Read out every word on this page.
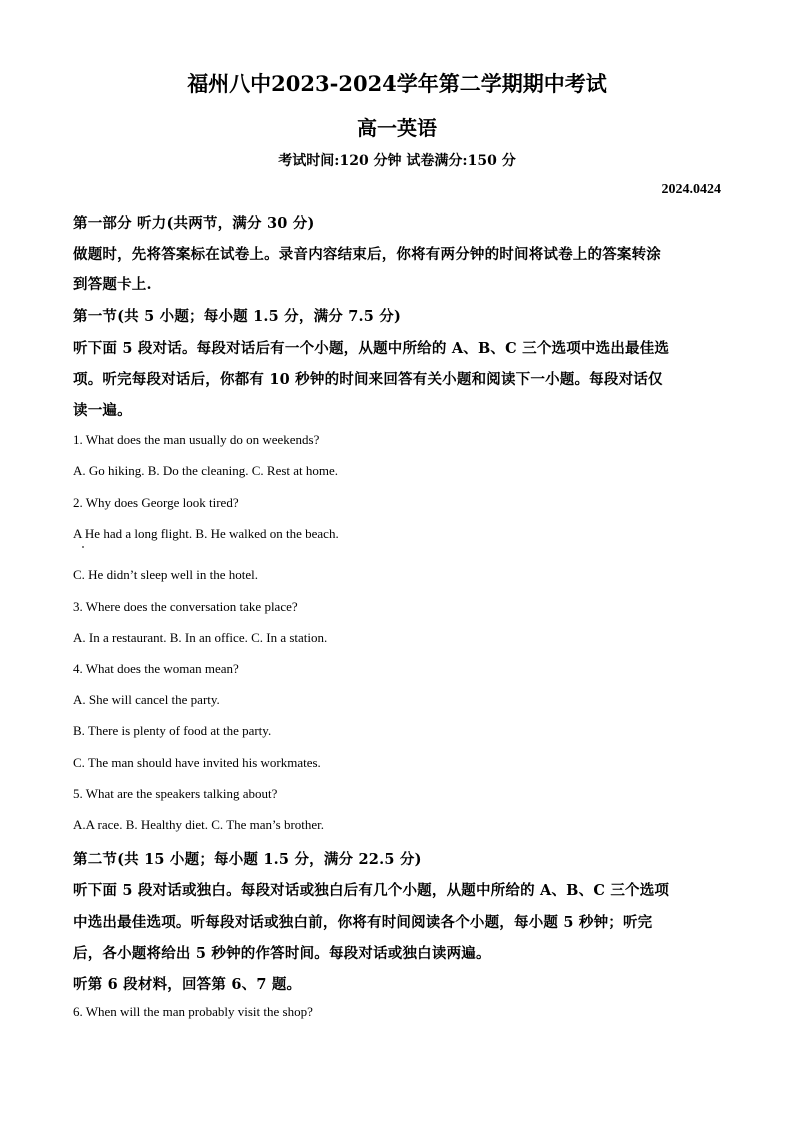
福州八中2023-2024学年第二学期期中考试
高一英语
考试时间:120 分钟 试卷满分:150 分
2024.0424
第一部分 听力(共两节，满分 30 分)
做题时，先将答案标在试卷上。录音内容结束后，你将有两分钟的时间将试卷上的答案转涂
到答题卡上.
第一节(共 5 小题；每小题 1.5 分，满分 7.5 分)
听下面 5 段对话。每段对话后有一个小题，从题中所给的 A、B、C 三个选项中选出最佳选
项。听完每段对话后，你都有 10 秒钟的时间来回答有关小题和阅读下一小题。每段对话仅
读一遍。
1. What does the man usually do on weekends?
A. Go hiking. B. Do the cleaning. C. Rest at home.
2. Why does George look tired?
A He had a long flight. B. He walked on the beach.
C. He didn’t sleep well in the hotel.
3. Where does the conversation take place?
A. In a restaurant. B. In an office. C. In a station.
4. What does the woman mean?
A. She will cancel the party.
B. There is plenty of food at the party.
C. The man should have invited his workmates.
5. What are the speakers talking about?
A.A race. B. Healthy diet. C. The man’s brother.
第二节(共 15 小题；每小题 1.5 分，满分 22.5 分)
听下面 5 段对话或独白。每段对话或独白后有几个小题，从题中所给的 A、B、C 三个选项
中选出最佳选项。听每段对话或独白前，你将有时间阅读各个小题，每小题 5 秒钟；听完
后，各小题将给出 5 秒钟的作答时间。每段对话或独白读两遍。
听第 6 段材料，回答第 6、7 题。
6. When will the man probably visit the shop?
